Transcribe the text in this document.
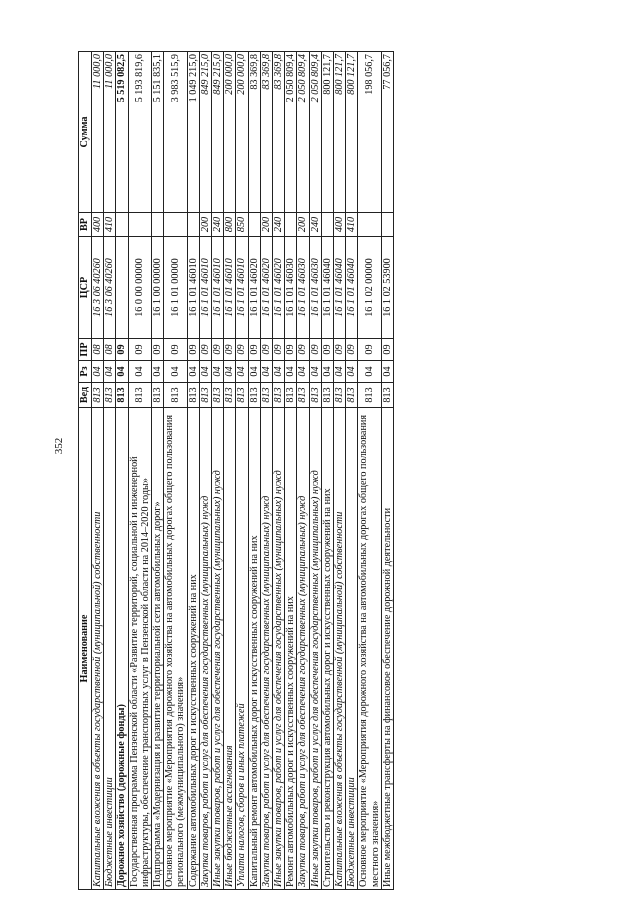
352
Наименование	Вед	Рз	ПР	ЦСР	ВР	Сумма
Капитальные вложения в объекты государственной (муниципальной) собственности	813	04	08	16 3 06 40260	400	11 000,0
Бюджетные инвестиции	813	04	08	16 3 06 40260	410	11 000,0
Дорожное хозяйство (дорожные фонды)	813	04	09			5 519 082,5
Государственная программа Пензенской области «Развитие территорий, социальной и инженерной инфраструктуры, обеспечение транспортных услуг в Пензенской области на 2014–2020 годы»	813	04	09	16 0 00 00000		5 193 819,6
Подпрограмма «Модернизация и развитие территориальной сети автомобильных дорог»	813	04	09	16 1 00 00000		5 151 835,1
Основное мероприятие «Мероприятия дорожного хозяйства на автомобильных дорогах общего пользования регионального (межмуниципального) значения»	813	04	09	16 1 01 00000		3 983 515,9
Содержание автомобильных дорог и искусственных сооружений на них	813	04	09	16 1 01 46010		1 049 215,0
Закупка товаров, работ и услуг для обеспечения государственных (муниципальных) нужд	813	04	09	16 1 01 46010	200	849 215,0
Иные закупки товаров, работ и услуг для обеспечения государственных (муниципальных) нужд	813	04	09	16 1 01 46010	240	849 215,0
Иные бюджетные ассигнования	813	04	09	16 1 01 46010	800	200 000,0
Уплата налогов, сборов и иных платежей	813	04	09	16 1 01 46010	850	200 000,0
Капитальный ремонт автомобильных дорог и искусственных сооружений на них	813	04	09	16 1 01 46020		83 369,8
Закупка товаров, работ и услуг для обеспечения государственных (муниципальных) нужд	813	04	09	16 1 01 46020	200	83 369,8
Иные закупки товаров, работ и услуг для обеспечения государственных (муниципальных) нужд	813	04	09	16 1 01 46020	240	83 369,8
Ремонт автомобильных дорог и искусственных сооружений на них	813	04	09	16 1 01 46030		2 050 809,4
Закупка товаров, работ и услуг для обеспечения государственных (муниципальных) нужд	813	04	09	16 1 01 46030	200	2 050 809,4
Иные закупки товаров, работ и услуг для обеспечения государственных (муниципальных) нужд	813	04	09	16 1 01 46030	240	2 050 809,4
Строительство и реконструкция автомобильных дорог и искусственных сооружений на них	813	04	09	16 1 01 46040		800 121,7
Капитальные вложения в объекты государственной (муниципальной) собственности	813	04	09	16 1 01 46040	400	800 121,7
Бюджетные инвестиции	813	04	09	16 1 01 46040	410	800 121,7
Основное мероприятие «Мероприятия дорожного хозяйства на автомобильных дорогах общего пользования местного значения»	813	04	09	16 1 02 00000		198 056,7
Иные межбюджетные трансферты на финансовое обеспечение дорожной деятельности	813	04	09	16 1 02 53900		77 056,7
